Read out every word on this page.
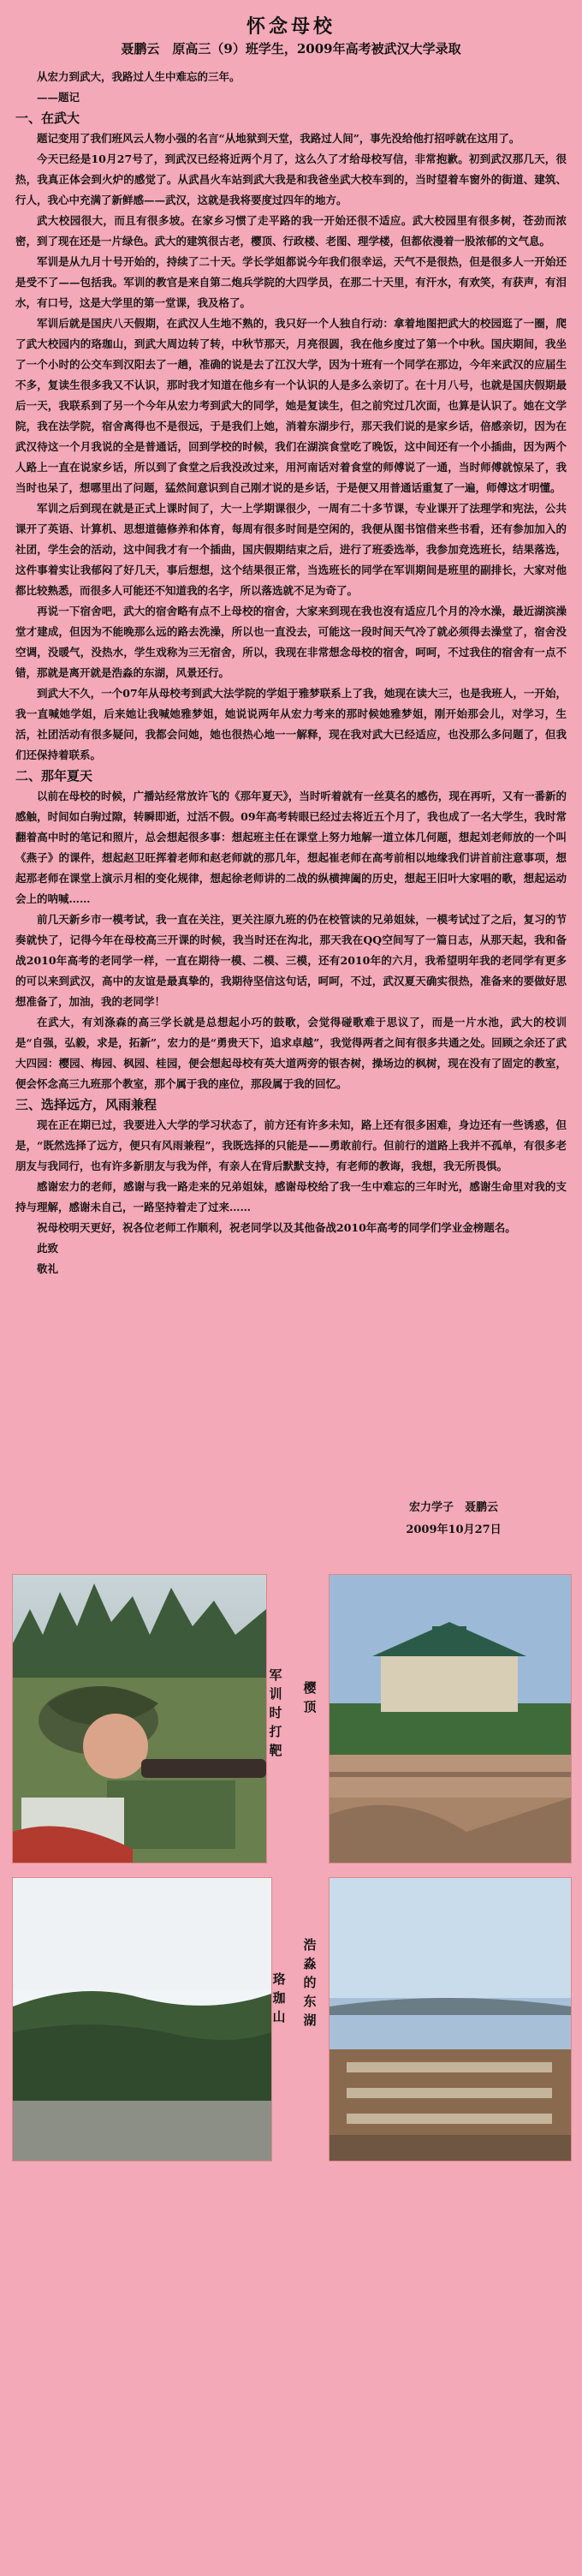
怀念母校
聂鹏云　原高三（9）班学生，2009年高考被武汉大学录取

从宏力到武大，我路过人生中难忘的三年。

——题记

一、在武大

题记变用了我们班风云人物小强的名言“从地狱到天堂，我路过人间”，事先没给他打招呼就在这用了。

今天已经是10月27号了，到武汉已经将近两个月了，这么久了才给母校写信，非常抱歉。初到武汉那几天，很热，我真正体会到火炉的感觉了。从武昌火车站到武大我是和我爸坐武大校车到的，当时望着车窗外的街道、建筑、行人，我心中充满了新鲜感——武汉，这就是我将要度过四年的地方。

武大校园很大，而且有很多坡。在家乡习惯了走平路的我一开始还很不适应。武大校园里有很多树，苍劲而浓密，到了现在还是一片绿色。武大的建筑很古老，樱顶、行政楼、老图、理学楼，但都依漫着一股浓郁的文气息。

军训是从九月十号开始的，持续了二十天。学长学姐都说今年我们很幸运，天气不是很热，但是很多人一开始还是受不了——包括我。军训的教官是来自第二炮兵学院的大四学员，在那二十天里，有汗水，有欢笑，有获声，有泪水，有口号，这是大学里的第一堂课，我及格了。

军训后就是国庆八天假期，在武汉人生地不熟的，我只好一个人独自行动：拿着地图把武大的校园逛了一圈，爬了武大校园内的珞珈山，到武大周边转了转，中秋节那天，月亮很圆，我在他乡度过了第一个中秋。国庆期间，我坐了一个小时的公交车到汉阳去了一趟，准确的说是去了江汉大学，因为十班有一个同学在那边，今年来武汉的应届生不多，复读生很多我又不认识，那时我才知道在他乡有一个认识的人是多么亲切了。在十月八号，也就是国庆假期最后一天，我联系到了另一个今年从宏力考到武大的同学，她是复读生，但之前究过几次面，也算是认识了。她在文学院，我在法学院，宿舍离得也不是很远，于是我们上她，消着东湖步行，那天我们说的是家乡话，倍感亲切，因为在武汉待这一个月我说的全是普通话，回到学校的时候，我们在湖滨食堂吃了晚饭，这中间还有一个小插曲，因为两个人路上一直在说家乡话，所以到了食堂之后我没改过来，用河南话对着食堂的师傅说了一通，当时师傅就惊呆了，我当时也呆了，想哪里出了问题，猛然间意识到自己刚才说的是乡话，于是便又用普通话重复了一遍，师傅这才明懂。

军训之后到现在就是正式上课时间了，大一上学期课很少，一周有二十多节课，专业课开了法理学和宪法，公共课开了英语、计算机、思想道德修养和体育，每周有很多时间是空闲的，我便从图书馆借来些书看，还有参加加入的社团，学生会的活动，这中间我才有一个插曲，国庆假期结束之后，进行了班委选举，我参加竞选班长，结果落选，这件事着实让我郁闷了好几天，事后想想，这个结果很正常，当选班长的同学在军训期间是班里的副排长，大家对他都比较熟悉，而很多人可能还不知道我的名字，所以落选就不足为奇了。

再说一下宿舍吧，武大的宿舍略有点不上母校的宿舍，大家来到现在我也沒有适应几个月的冷水澡，最近湖滨澡堂才建成，但因为不能晚那么远的路去洗澡，所以也一直没去，可能这一段时间天气冷了就必须得去澡堂了，宿舍没空调，没暖气，没热水，学生戏称为三无宿舍，所以，我现在非常想念母校的宿舍，呵呵，不过我住的宿舍有一点不错，那就是离开就是浩淼的东湖，风景还行。

到武大不久，一个07年从母校考到武大法学院的学姐于雅梦联系上了我，她现在读大三，也是我班人，一开始，我一直喊她学姐，后来她让我喊她雅梦姐，她说说两年从宏力考来的那时候她雅梦姐，刚开始那会儿，对学习，生活，社团活动有很多疑问，我都会问她，她也很热心地一一解释，现在我对武大已经适应，也没那么多问题了，但我们还保持着联系。

二、那年夏天

以前在母校的时候，广播站经常放许飞的《那年夏天》，当时听着就有一丝莫名的感伤，现在再听，又有一番新的感触，时间如白驹过隙，转瞬即逝，过活不假。09年高考转眼已经过去将近五个月了，我也成了一名大学生，我时常翻着高中时的笔记和照片，总会想起很多事：想起班主任在课堂上努力地解一道立体几何题，想起刘老师放的一个叫《燕子》的课件，想起赵卫旺挥着老师和赵老师就的那几年，想起崔老师在高考前相以地缘我们讲首前注意事项，想起那老师在课堂上演示月相的变化规律，想起徐老师讲的二战的纵横捭阖的历史，想起王旧叶大家唱的歌，想起运动会上的呐喊……

前几天新乡市一模考试，我一直在关注，更关注原九班的仍在校管读的兄弟姐妹，一模考试过了之后，复习的节奏就快了，记得今年在母校高三开课的时候，我当时还在沟北，那天我在QQ空间写了一篇日志，从那天起，我和备战2010年高考的老同学一样，一直在期待一模、二模、三模，还有2010年的六月，我希望明年我的老同学有更多的可以来到武汉，高中的友谊是最真挚的，我期待坚信这句话，呵呵，不过，武汉夏天确实很热，准备来的要做好思想准备了，加油，我的老同学！

在武大，有刘涤森的高三学长就是总想起小巧的鼓歌，会觉得碰歌难于思议了，而是一片水池，武大的校训是“自强，弘毅，求是，拓新”，宏力的是“勇贵天下，追求卓越”，我觉得两者之间有很多共通之处。回顾之余还了武大四园：樱园、梅园、枫园、桂园，便会想起母校有英大道两旁的银杏树，操场边的枫树，现在没有了固定的教室，便会怀念高三九班那个教室，那个属于我的座位，那段属于我的回忆。

三、选择远方，风雨兼程

现在正在期已过，我要进入大学的学习状态了，前方还有许多未知，路上还有很多困难，身边还有一些诱惑，但是，“既然选择了远方，便只有风雨兼程”，我既选择的只能是——勇敢前行。但前行的道路上我并不孤单，有很多老朋友与我同行，也有许多新朋友与我为伴，有亲人在背后默默支持，有老师的教诲，我想，我无所畏惧。

感谢宏力的老师，感谢与我一路走来的兄弟姐妹，感谢母校给了我一生中难忘的三年时光，感谢生命里对我的支持与理解，感谢未自己，一路坚持着走了过来……

祝母校明天更好，祝各位老师工作顺利，祝老同学以及其他备战2010年高考的同学们学业金榜题名。

此致

敬礼

宏力学子　聂鹏云
2009年10月27日
军训时打靶
樱顶
珞珈山
浩淼的东湖
